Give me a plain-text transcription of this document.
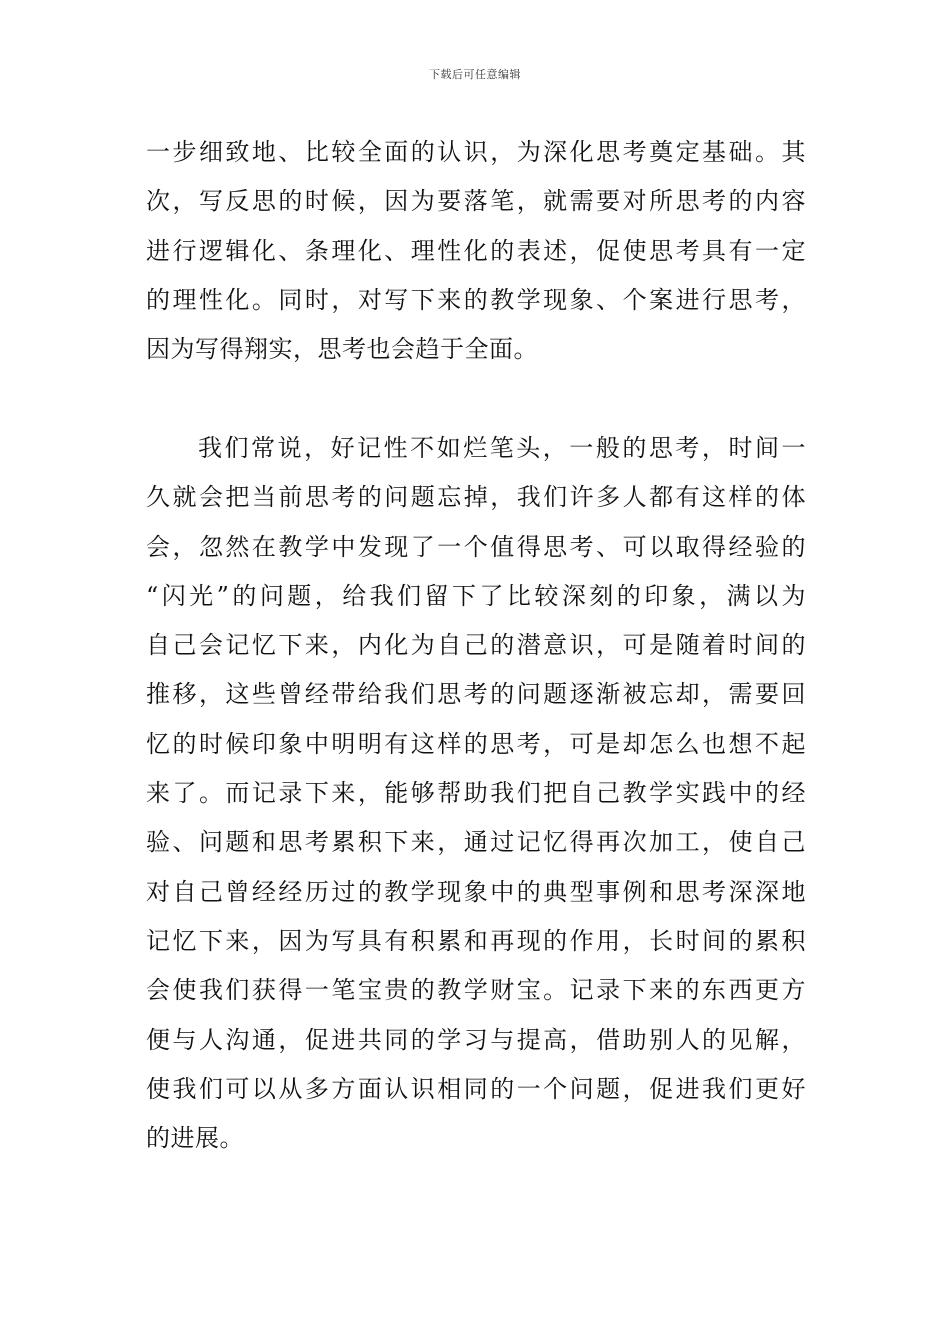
下载后可任意编辑
一步细致地、比较全面的认识，为深化思考奠定基础。其
次，写反思的时候，因为要落笔，就需要对所思考的内容
进行逻辑化、条理化、理性化的表述，促使思考具有一定
的理性化。同时，对写下来的教学现象、个案进行思考，
因为写得翔实，思考也会趋于全面。
我们常说，好记性不如烂笔头，一般的思考，时间一
久就会把当前思考的问题忘掉，我们许多人都有这样的体
会，忽然在教学中发现了一个值得思考、可以取得经验的
“闪光”的问题，给我们留下了比较深刻的印象，满以为
自己会记忆下来，内化为自己的潜意识，可是随着时间的
推移，这些曾经带给我们思考的问题逐渐被忘却，需要回
忆的时候印象中明明有这样的思考，可是却怎么也想不起
来了。而记录下来，能够帮助我们把自己教学实践中的经
验、问题和思考累积下来，通过记忆得再次加工，使自己
对自己曾经经历过的教学现象中的典型事例和思考深深地
记忆下来，因为写具有积累和再现的作用，长时间的累积
会使我们获得一笔宝贵的教学财宝。记录下来的东西更方
便与人沟通，促进共同的学习与提高，借助别人的见解，
使我们可以从多方面认识相同的一个问题，促进我们更好
的进展。
